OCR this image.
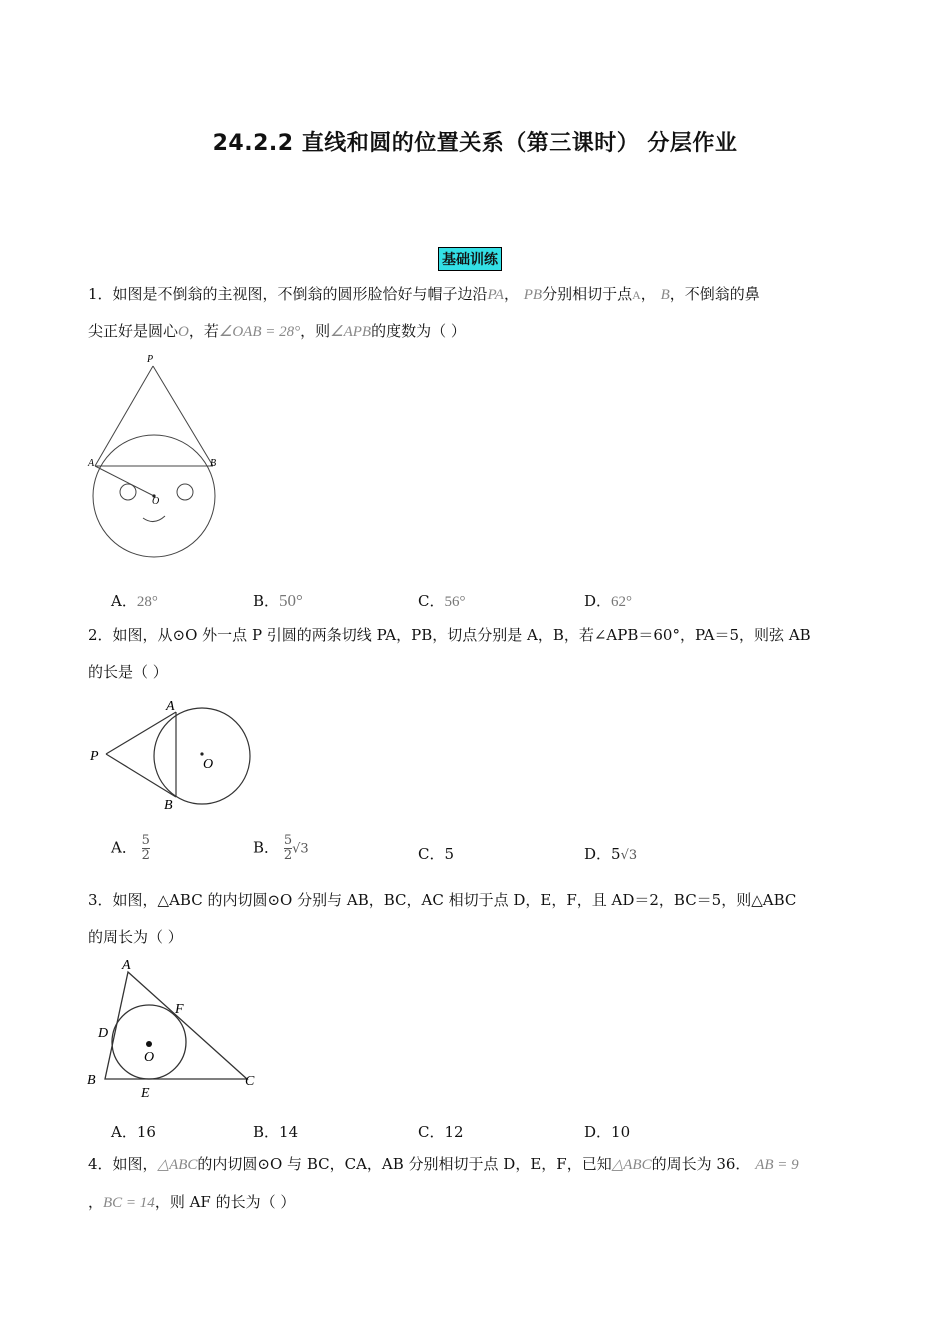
24.2.2 直线和圆的位置关系（第三课时） 分层作业
基础训练
1．如图是不倒翁的主视图，不倒翁的圆形脸恰好与帽子边沿PA， PB分别相切于点A， B，不倒翁的鼻
尖正好是圆心O，若∠OAB = 28°，则∠APB的度数为（ ）
P
A	B
O
A．28°	B．50°	C．56°	D．62°
2．如图，从⊙O 外一点 P 引圆的两条切线 PA，PB，切点分别是 A，B，若∠APB＝60°，PA＝5，则弦 AB
的长是（ ）
A
P
B
O
A． $\frac{5}{2}$	B． $\frac{5}{2} √3$	C．5	D．5√3
3．如图，△ABC 的内切圆⊙O 分别与 AB，BC，AC 相切于点 D，E，F，且 AD＝2，BC＝5，则△ABC
的周长为（ ）
A
F
D
O
B
E
C
A．16	B．14	C．12	D．10
4．如图，△ABC的内切圆⊙O 与 BC，CA，AB 分别相切于点 D，E，F，已知△ABC的周长为 36． AB = 9
，BC = 14，则 AF 的长为（ ）
